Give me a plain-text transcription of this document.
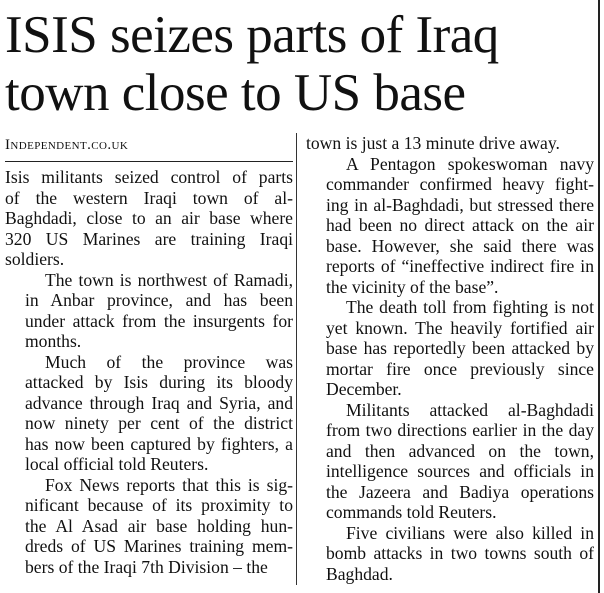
ISIS seizes parts of Iraq
town close to US base
Independent.co.uk

Isis militants seized control of parts
of the western Iraqi town of al-
Baghdadi, close to an air base where
320 US Marines are training Iraqi
soldiers.

The town is northwest of Ramadi,
in Anbar province, and has been
under attack from the insurgents for
months.

Much of the province was
attacked by Isis during its bloody
advance through Iraq and Syria, and
now ninety per cent of the district
has now been captured by fighters, a
local official told Reuters.

Fox News reports that this is sig-
nificant because of its proximity to
the Al Asad air base holding hun-
dreds of US Marines training mem-
bers of the Iraqi 7th Division – the

town is just a 13 minute drive away.

A Pentagon spokeswoman navy
commander confirmed heavy fight-
ing in al-Baghdadi, but stressed there
had been no direct attack on the air
base. However, she said there was
reports of “ineffective indirect fire in
the vicinity of the base”.

The death toll from fighting is not
yet known. The heavily fortified air
base has reportedly been attacked by
mortar fire once previously since
December.

Militants attacked al-Baghdadi
from two directions earlier in the day
and then advanced on the town,
intelligence sources and officials in
the Jazeera and Badiya operations
commands told Reuters.

Five civilians were also killed in
bomb attacks in two towns south of
Baghdad.
